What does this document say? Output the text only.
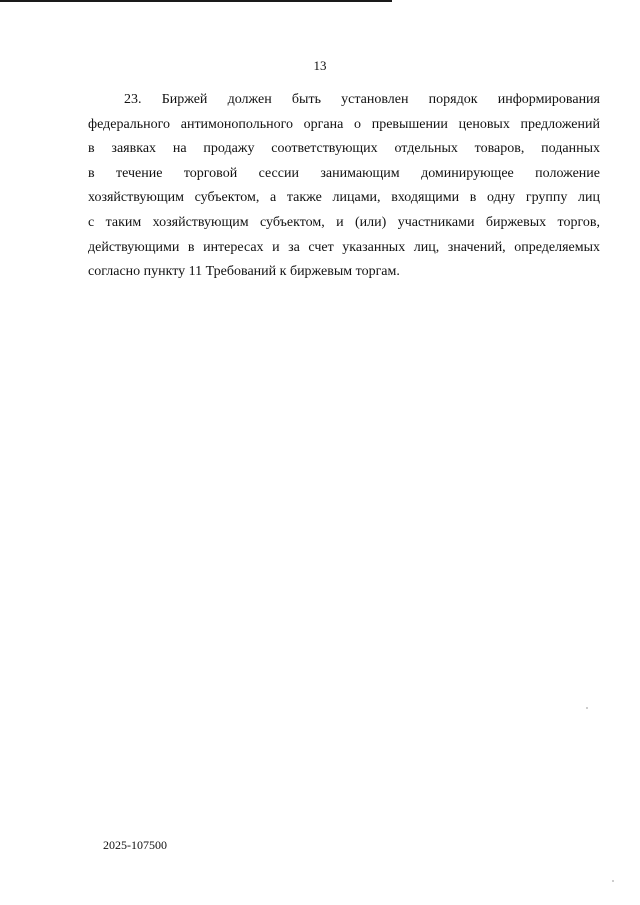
13
23. Биржей должен быть установлен порядок информирования
федерального антимонопольного органа о превышении ценовых предложений
в заявках на продажу соответствующих отдельных товаров, поданных
в течение торговой сессии занимающим доминирующее положение
хозяйствующим субъектом, а также лицами, входящими в одну группу лиц
с таким хозяйствующим субъектом, и (или) участниками биржевых торгов,
действующими в интересах и за счет указанных лиц, значений, определяемых
согласно пункту 11 Требований к биржевым торгам.
2025-107500
